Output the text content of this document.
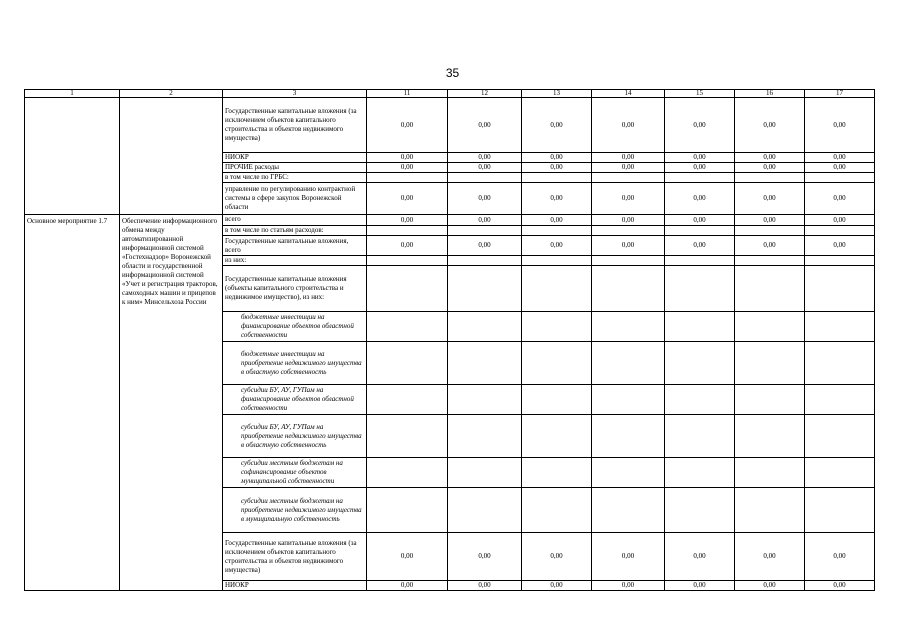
35
1	2	3	11	12	13	14	15	16	17
		Государственные капитальные вложения (за исключением объектов капитального строительства и объектов недвижимого имущества)	0,00	0,00	0,00	0,00	0,00	0,00	0,00
		НИОКР	0,00	0,00	0,00	0,00	0,00	0,00	0,00
		ПРОЧИЕ расходы	0,00	0,00	0,00	0,00	0,00	0,00	0,00
		в том числе по ГРБС:							
		управление по регулированию контрактной системы в сфере закупок Воронежской области	0,00	0,00	0,00	0,00	0,00	0,00	0,00
Основное мероприятие 1.7	Обеспечение информационного обмена между автоматизированной информационной системой «Гостехнадзор» Воронежской области и государственной информационной системой «Учет и регистрация тракторов, самоходных машин и прицепов к ним» Минсельхоза России	всего	0,00	0,00	0,00	0,00	0,00	0,00	0,00
		в том числе по статьям расходов:							
		Государственные капитальные вложения, всего	0,00	0,00	0,00	0,00	0,00	0,00	0,00
		из них:							
		Государственные капитальные вложения (объекты капитального строительства и недвижимое имущество), из них:							
		бюджетные инвестиции на финансирование объектов областной собственности							
		бюджетные инвестиции на приобретение недвижимого имущества в областную собственность							
		субсидии БУ, АУ, ГУПам на финансирование объектов областной собственности							
		субсидии БУ, АУ, ГУПам на приобретение недвижимого имущества в областную собственность							
		субсидии местным бюджетам на софинансирование объектов муниципальной собственности							
		субсидии местным бюджетам на приобретение недвижимого имущества в муниципальную собственность							
		Государственные капитальные вложения (за исключением объектов капитального строительства и объектов недвижимого имущества)	0,00	0,00	0,00	0,00	0,00	0,00	0,00
		НИОКР	0,00	0,00	0,00	0,00	0,00	0,00	0,00
